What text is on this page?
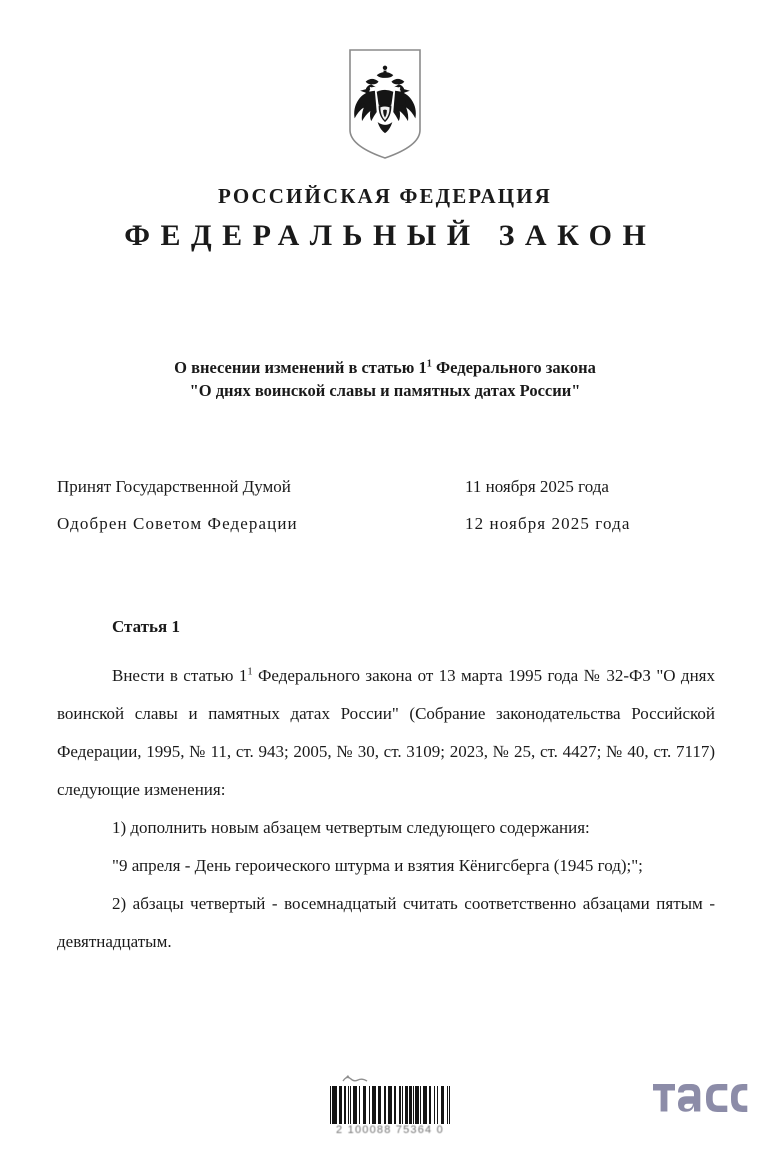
РОССИЙСКАЯ ФЕДЕРАЦИЯ
ФЕДЕРАЛЬНЫЙ ЗАКОН
О внесении изменений в статью $1^1$ Федерального закона
"О днях воинской славы и памятных датах России"
Принят Государственной Думой	11 ноября 2025 года
Одобрен Советом Федерации	12 ноября 2025 года
Статья 1

Внести в статью $1^1$ Федерального закона от 13 марта 1995 года № 32-ФЗ "О днях воинской славы и памятных датах России" (Собрание законодательства Российской Федерации, 1995, № 11, ст. 943; 2005, № 30, ст. 3109; 2023, № 25, ст. 4427; № 40, ст. 7117) следующие изменения:

1) дополнить новым абзацем четвертым следующего содержания:

"9 апреля - День героического штурма и взятия Кёнигсберга (1945 год);";

2) абзацы четвертый - восемнадцатый считать соответственно абзацами пятым - девятнадцатым.

2 100088 75364 0
